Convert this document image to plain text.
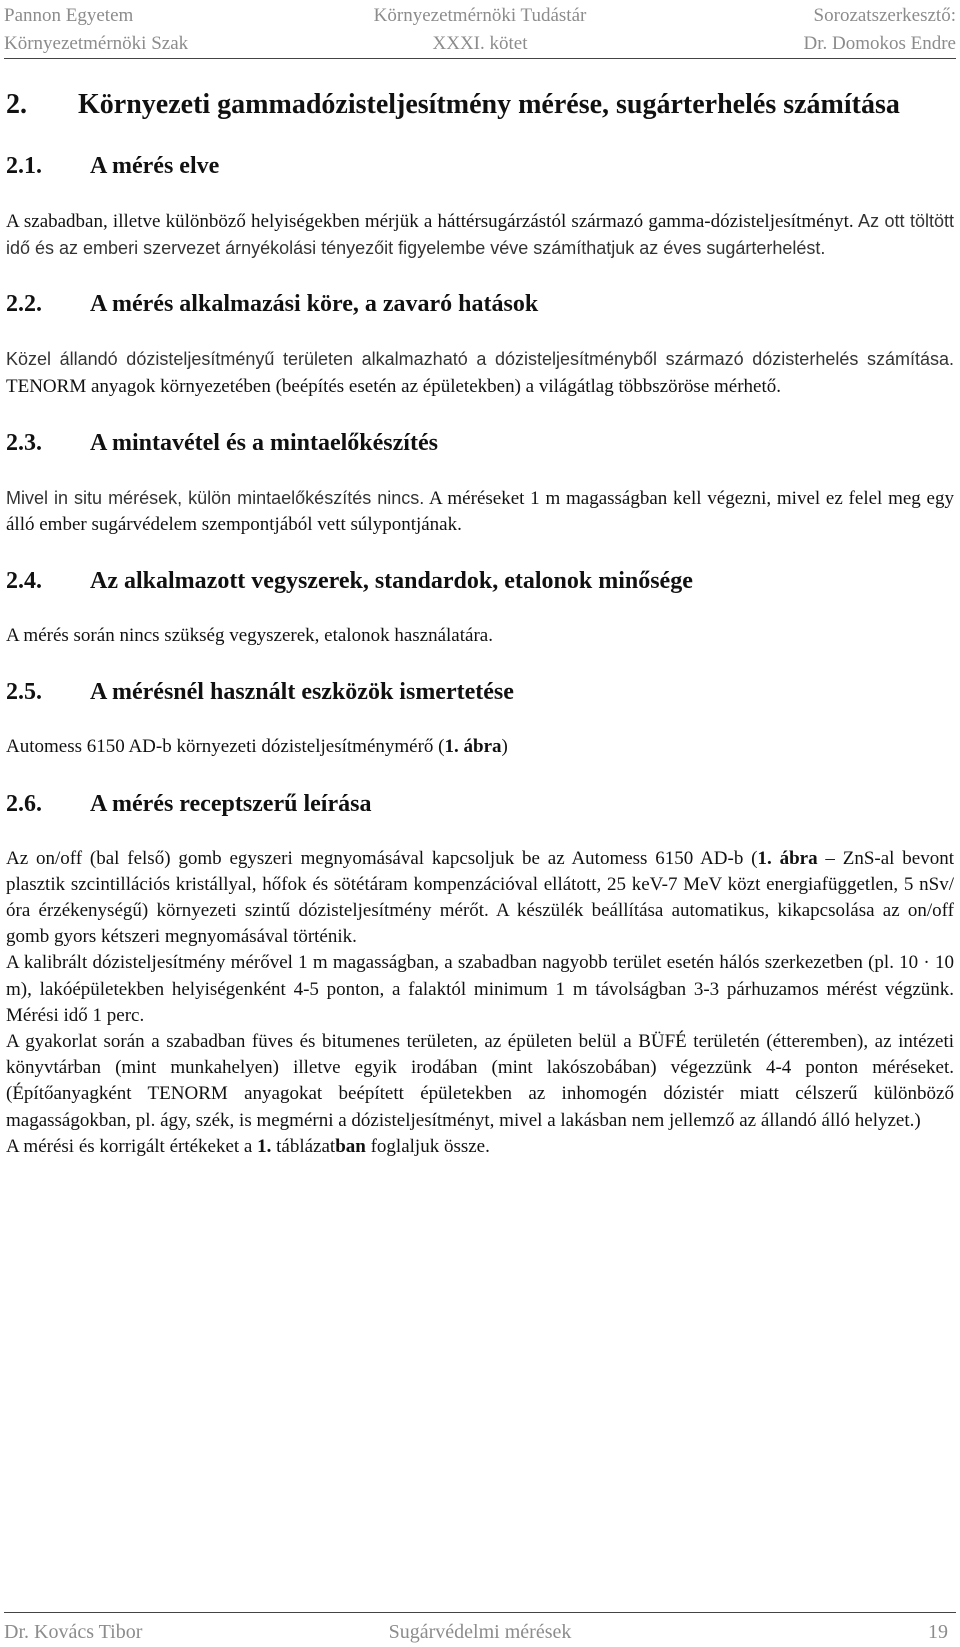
Pannon Egyetem
Környezetmérnöki Szak
Környezetmérnöki Tudástár
XXXI. kötet
Sorozatszerkesztő:
Dr. Domokos Endre
2.	Környezeti gammadózisteljesítmény mérése, sugárterhelés számítása
2.1.	A mérés elve

A szabadban, illetve különböző helyiségekben mérjük a háttérsugárzástól származó gamma-dózisteljesítményt. Az ott töltött idő és az emberi szervezet árnyékolási tényezőit figyelembe véve számíthatjuk az éves sugárterhelést.

2.2.	A mérés alkalmazási köre, a zavaró hatások

Közel állandó dózisteljesítményű területen alkalmazható a dózisteljesítményből származó dózisterhelés számítása. TENORM anyagok környezetében (beépítés esetén az épületekben) a világátlag többszöröse mérhető.

2.3.	A mintavétel és a mintaelőkészítés

Mivel in situ mérések, külön mintaelőkészítés nincs. A méréseket 1 m magasságban kell végezni, mivel ez felel meg egy álló ember sugárvédelem szempontjából vett súlypontjának.

2.4.	Az alkalmazott vegyszerek, standardok, etalonok minősége

A mérés során nincs szükség vegyszerek, etalonok használatára.

2.5.	A mérésnél használt eszközök ismertetése

Automess 6150 AD-b környezeti dózisteljesítménymérő (1. ábra)

2.6.	A mérés receptszerű leírása

Az on/off (bal felső) gomb egyszeri megnyomásával kapcsoljuk be az Automess 6150 AD-b (1. ábra – ZnS-al bevont plasztik szcintillációs kristállyal, hőfok és sötétáram kompenzációval ellátott, 25 keV-7 MeV közt energiafüggetlen, 5 nSv/óra érzékenységű) környezeti szintű dózisteljesítmény mérőt. A készülék beállítása automatikus, kikapcsolása az on/off gomb gyors kétszeri megnyomásával történik.

A kalibrált dózisteljesítmény mérővel 1 m magasságban, a szabadban nagyobb terület esetén hálós szerkezetben (pl. 10 · 10 m), lakóépületekben helyiségenként 4-5 ponton, a falaktól minimum 1 m távolságban 3-3 párhuzamos mérést végzünk. Mérési idő 1 perc.

A gyakorlat során a szabadban füves és bitumenes területen, az épületen belül a BÜFÉ területén (étteremben), az intézeti könyvtárban (mint munkahelyen) illetve egyik irodában (mint lakószobában) végezzünk 4-4 ponton méréseket. (Építőanyagként TENORM anyagokat beépített épületekben az inhomogén dózistér miatt célszerű különböző magasságokban, pl. ágy, szék, is megmérni a dózisteljesítményt, mivel a lakásban nem jellemző az állandó álló helyzet.)

A mérési és korrigált értékeket a 1. táblázatban foglaljuk össze.

Dr. Kovács Tibor	Sugárvédelmi mérések	19
